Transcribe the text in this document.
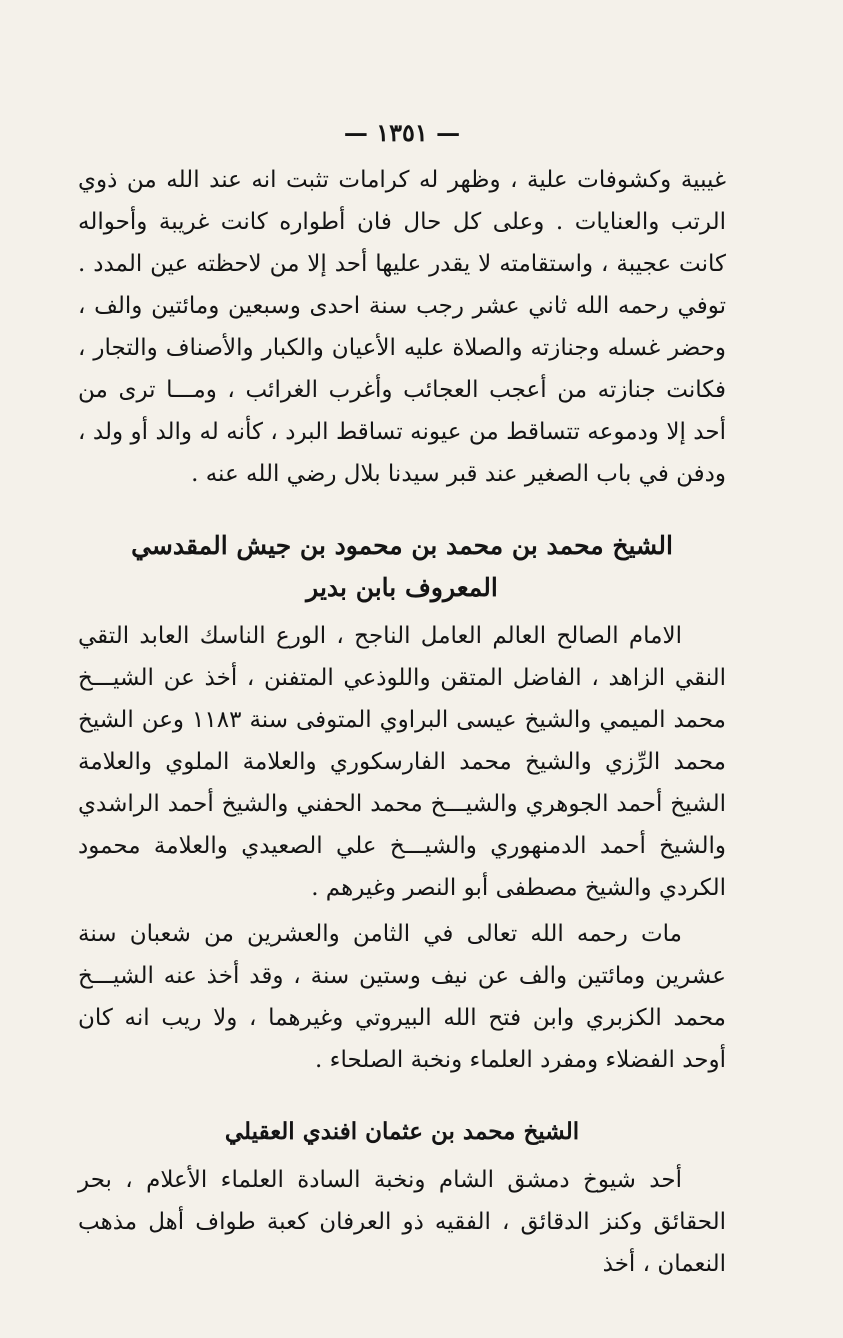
— ١٣٥١ —

غيبية وكشوفات علية ، وظهر له كرامات تثبت انه عند الله من ذوي الرتب والعنايات . وعلى كل حال فان أطواره كانت غريبة وأحواله كانت عجيبة ، واستقامته لا يقدر عليها أحد إلا من لاحظته عين المدد . توفي رحمه الله ثاني عشر رجب سنة احدى وسبعين ومائتين والف ، وحضر غسله وجنازته والصلاة عليه الأعيان والكبار والأصناف والتجار ، فكانت جنازته من أعجب العجائب وأغرب الغرائب ، ومـــا ترى من أحد إلا ودموعه تتساقط من عيونه تساقط البرد ، كأنه له والد أو ولد ، ودفن في باب الصغير عند قبر سيدنا بلال رضي الله عنه .

الشيخ محمد بن محمد بن محمود بن جيش المقدسي

المعروف بابن بدير

الامام الصالح العالم العامل الناجح ، الورع الناسك العابد التقي النقي الزاهد ، الفاضل المتقن واللوذعي المتفنن ، أخذ عن الشيـــخ محمد الميمي والشيخ عيسى البراوي المتوفى سنة ١١٨٣ وعن الشيخ محمد الرِّزي والشيخ محمد الفارسكوري والعلامة الملوي والعلامة الشيخ أحمد الجوهري والشيـــخ محمد الحفني والشيخ أحمد الراشدي والشيخ أحمد الدمنهوري والشيـــخ علي الصعيدي والعلامة محمود الكردي والشيخ مصطفى أبو النصر وغيرهم .

مات رحمه الله تعالى في الثامن والعشرين من شعبان سنة عشرين ومائتين والف عن نيف وستين سنة ، وقد أخذ عنه الشيـــخ محمد الكزبري وابن فتح الله البيروتي وغيرهما ، ولا ريب انه كان أوحد الفضلاء ومفرد العلماء ونخبة الصلحاء .

الشيخ محمد بن عثمان افندي العقيلي

أحد شيوخ دمشق الشام ونخبة السادة العلماء الأعلام ، بحر الحقائق وكنز الدقائق ، الفقيه ذو العرفان كعبة طواف أهل مذهب النعمان ، أخذ
